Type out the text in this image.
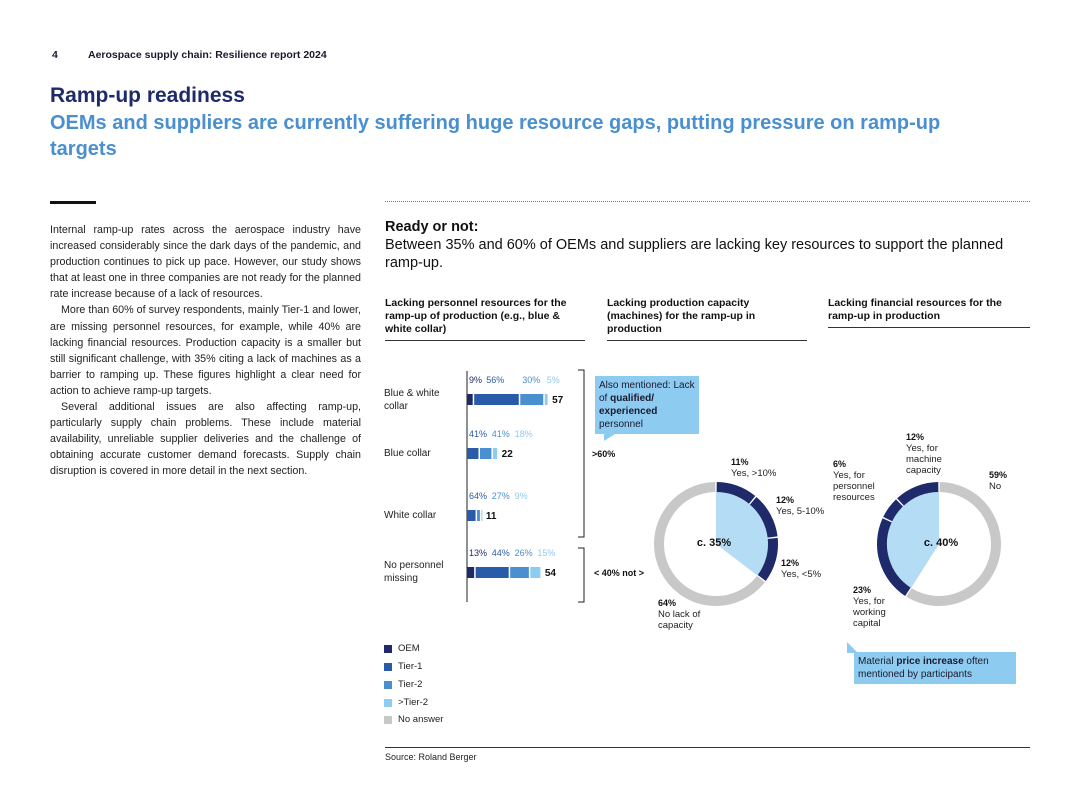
4	Aerospace supply chain: Resilience report 2024
Ramp-up readiness
OEMs and suppliers are currently suffering huge resource gaps, putting pressure on ramp-up targets

Internal ramp-up rates across the aerospace industry have increased considerably since the dark days of the pandemic, and production continues to pick up pace. However, our study shows that at least one in three companies are not ready for the planned rate increase because of a lack of resources.

More than 60% of survey respondents, mainly Tier-1 and lower, are missing personnel resources, for example, while 40% are lacking financial resources. Production capacity is a smaller but still significant challenge, with 35% citing a lack of machines as a barrier to ramping up. These figures highlight a clear need for action to achieve ramp-up targets.

Several additional issues are also affecting ramp-up, particularly supply chain problems. These include material availability, unreliable supplier deliveries and the challenge of obtaining accurate customer demand forecasts. Supply chain disruption is covered in more detail in the next section.

Ready or not:
Between 35% and 60% of OEMs and suppliers are lacking key resources to support the planned ramp-up.
Lacking personnel resources for the ramp-up of production (e.g., blue & white collar)
Lacking production capacity (machines) for the ramp-up in production
Lacking financial resources for the ramp-up in production
Blue & white collar
Blue collar
White collar
No personnel missing
57
9% 56% 30% 5%
22
41% 41% 18%
11
64% 27% 9%
54
13% 44% 26% 15%
c. 35%
11%
Yes, >10%
12%
Yes, 5-10%
12%
Yes, <5%
64%
No lack of
capacity
c. 40%
12%
Yes, for
machine
capacity
6%
Yes, for
personnel
resources
23%
Yes, for
working
capital
59%
No
>60%
< 40% not >
Also mentioned: Lack of qualified/ experienced personnel
Material price increase often mentioned by participants
OEM
Tier-1
Tier-2
>Tier-2
No answer
Source: Roland Berger
